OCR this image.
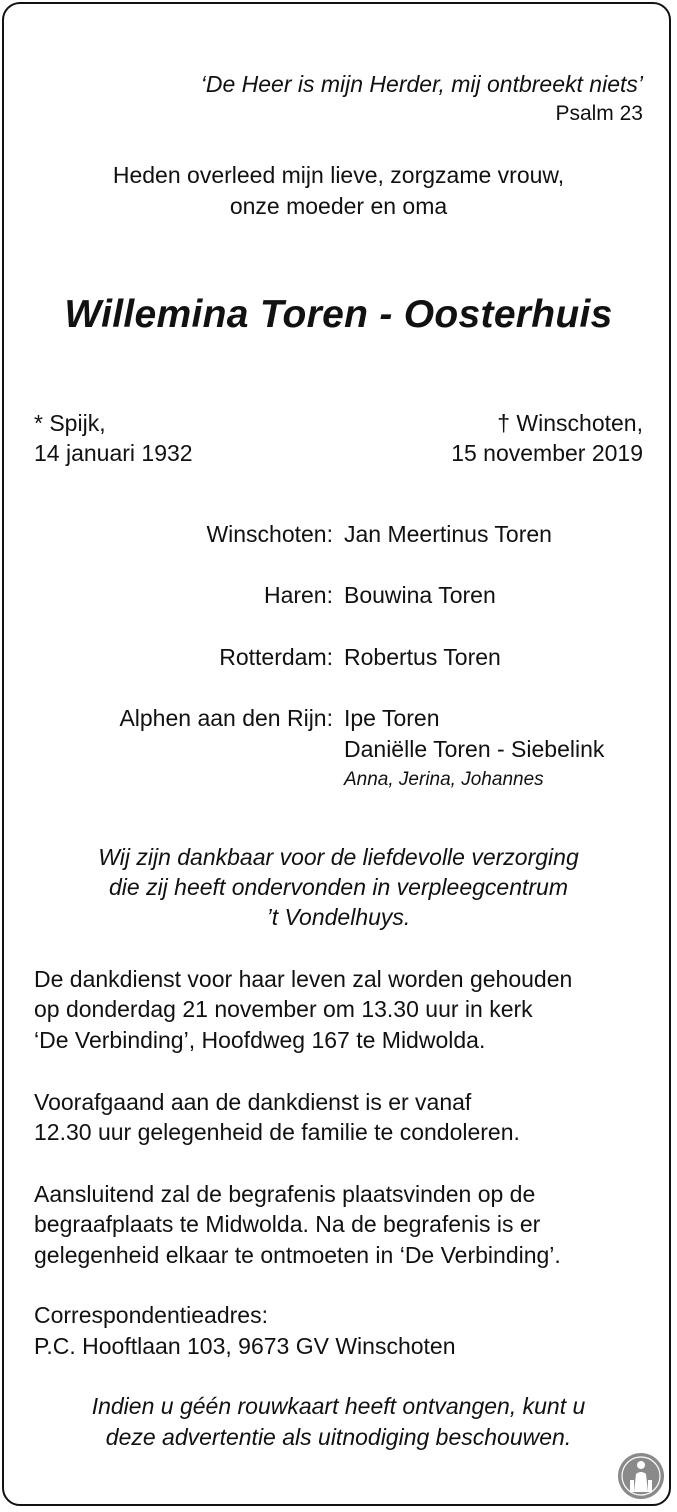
‘De Heer is mijn Herder, mij ontbreekt niets’
Psalm 23
Heden overleed mijn lieve, zorgzame vrouw,
onze moeder en oma
Willemina Toren - Oosterhuis
* Spijk,
14 januari 1932
† Winschoten,
15 november 2019
Winschoten: Jan Meertinus Toren
Haren: Bouwina Toren
Rotterdam: Robertus Toren
Alphen aan den Rijn: Ipe Toren
Daniëlle Toren - Siebelink
Anna, Jerina, Johannes
Wij zijn dankbaar voor de liefdevolle verzorging
die zij heeft ondervonden in verpleegcentrum
’t Vondelhuys.
De dankdienst voor haar leven zal worden gehouden
op donderdag 21 november om 13.30 uur in kerk
‘De Verbinding’, Hoofdweg 167 te Midwolda.
Voorafgaand aan de dankdienst is er vanaf
12.30 uur gelegenheid de familie te condoleren.
Aansluitend zal de begrafenis plaatsvinden op de
begraafplaats te Midwolda. Na de begrafenis is er
gelegenheid elkaar te ontmoeten in ‘De Verbinding’.
Correspondentieadres:
P.C. Hooftlaan 103, 9673 GV Winschoten
Indien u géén rouwkaart heeft ontvangen, kunt u
deze advertentie als uitnodiging beschouwen.
